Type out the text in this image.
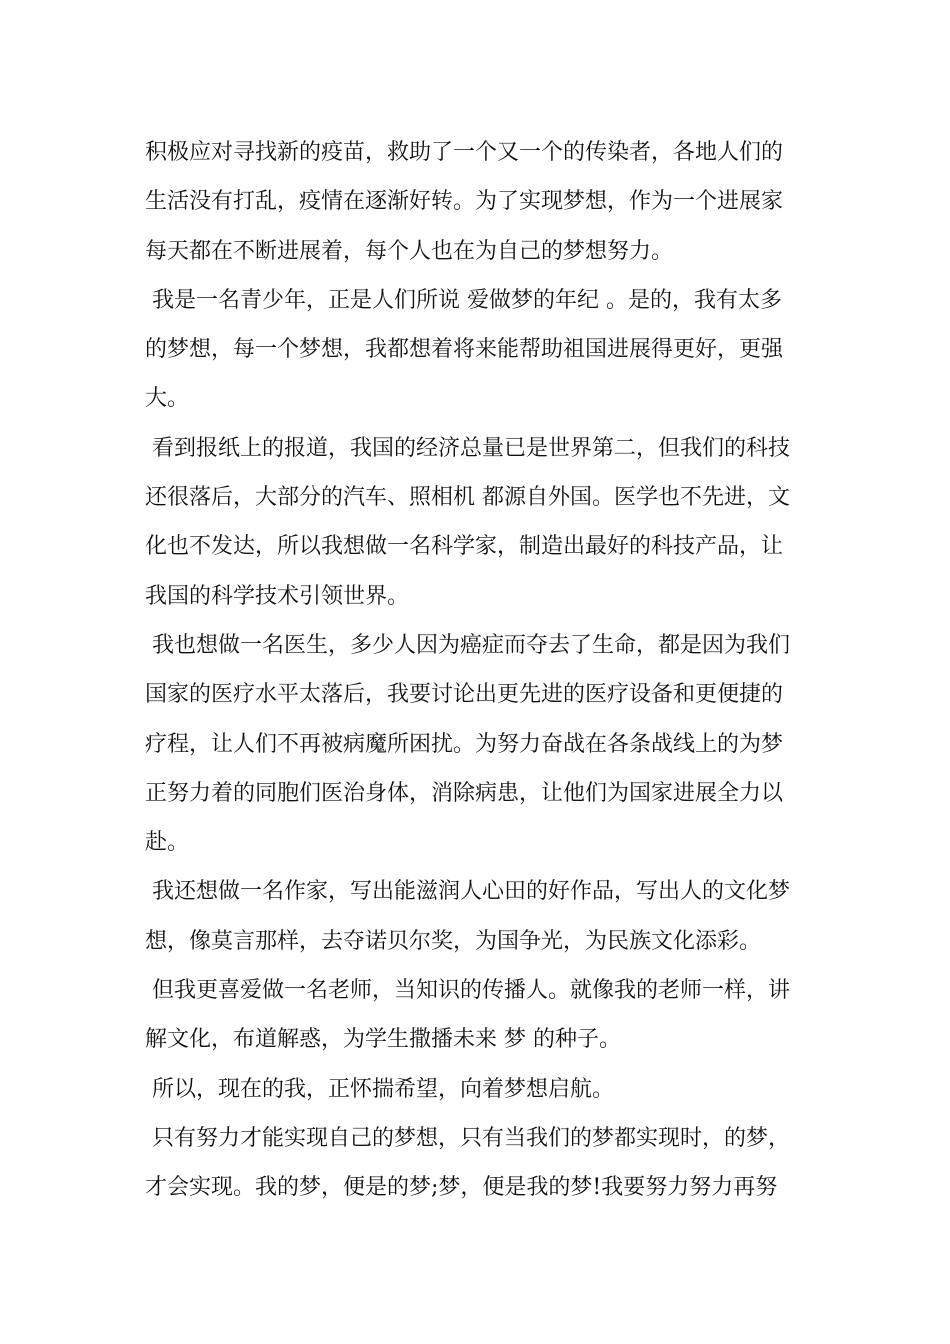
积极应对寻找新的疫苗，救助了一个又一个的传染者，各地人们的
生活没有打乱，疫情在逐渐好转。为了实现梦想，作为一个进展家
每天都在不断进展着，每个人也在为自己的梦想努力。

我是一名青少年，正是人们所说 爱做梦的年纪 。是的，我有太多
的梦想，每一个梦想，我都想着将来能帮助祖国进展得更好，更强
大。

看到报纸上的报道，我国的经济总量已是世界第二，但我们的科技
还很落后，大部分的汽车、照相机 都源自外国。医学也不先进，文
化也不发达，所以我想做一名科学家，制造出最好的科技产品，让
我国的科学技术引领世界。

我也想做一名医生，多少人因为癌症而夺去了生命，都是因为我们
国家的医疗水平太落后，我要讨论出更先进的医疗设备和更便捷的
疗程，让人们不再被病魔所困扰。为努力奋战在各条战线上的为梦
正努力着的同胞们医治身体，消除病患，让他们为国家进展全力以
赴。

我还想做一名作家，写出能滋润人心田的好作品，写出人的文化梦
想，像莫言那样，去夺诺贝尔奖，为国争光，为民族文化添彩。

但我更喜爱做一名老师，当知识的传播人。就像我的老师一样，讲
解文化，布道解惑，为学生撒播未来 梦 的种子。

所以，现在的我，正怀揣希望，向着梦想启航。

只有努力才能实现自己的梦想，只有当我们的梦都实现时，的梦，
才会实现。我的梦，便是的梦;梦，便是我的梦!我要努力努力再努
